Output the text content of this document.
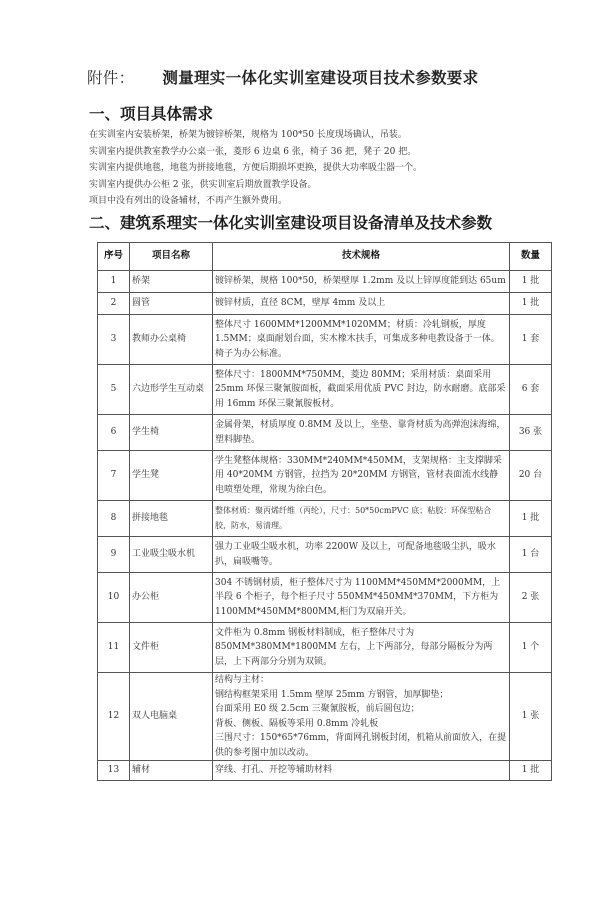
附件： 测量理实一体化实训室建设项目技术参数要求
一、项目具体需求
在实训室内安装桥架，桥架为镀锌桥架，规格为 100*50 长度现场确认，吊装。
实训室内提供教室教学办公桌一张，菱形 6 边桌 6 张，椅子 36 把，凳子 20 把。
实训室内提供地毯，地毯为拼接地毯，方便后期损坏更换，提供大功率吸尘器一个。
实训室内提供办公柜 2 张，供实训室后期放置教学设备。
项目中没有列出的设备辅材，不再产生额外费用。
二、建筑系理实一体化实训室建设项目设备清单及技术参数
序号	项目名称	技术规格	数量
1	桥架	镀锌桥架，规格 100*50，桥架壁厚 1.2mm 及以上锌厚度能到达 65um	1 批
2	圆管	镀锌材质，直径 8CM，壁厚 4mm 及以上	1 批
3	教师办公桌椅	整体尺寸 1600MM*1200MM*1020MM；材质：冷轧钢板，厚度 1.5MM；桌面耐划台面，实木橡木扶手，可集成多种电教设备于一体。椅子为办公标准。	1 套
5	六边形学生互动桌	整体尺寸：1800MM*750MM，菱边 80MM；采用材质：桌面采用 25mm 环保三聚氰胺面板，截面采用优质 PVC 封边，防水耐磨。底部采用 16mm 环保三聚氰胺板材。	6 套
6	学生椅	金属骨架，材质厚度 0.8MM 及以上，坐垫、靠背材质为高弹泡沫海绵，塑料脚垫。	36 张
7	学生凳	学生凳整体规格：330MM*240MM*450MM，支架规格：主支撑脚采用 40*20MM 方钢管，拉挡为 20*20MM 方钢管，管材表面流水线静电喷塑处理，常规为徐白色。	20 台
8	拼接地毯	整体材质：聚丙烯纤维（丙纶），尺寸：50*50cmPVC 底；粘胶：环保型粘合胶，防水，易清理。	1 批
9	工业吸尘吸水机	强力工业吸尘吸水机，功率 2200W 及以上，可配备地毯吸尘扒，吸水扒，扁吸嘴等。	1 台
10	办公柜	304 不锈钢材质，柜子整体尺寸为 1100MM*450MM*2000MM，上半段 6 个柜子，每个柜子尺寸 550MM*450MM*370MM，下方柜为 1100MM*450MM*800MM,柜门为双扇开关。	2 张
11	文件柜	文件柜为 0.8mm 钢板材料制成，柜子整体尺寸为 850MM*380MM*1800MM 左右，上下两部分，每部分隔板分为两层，上下两部分分别为双锁。	1 个
12	双人电脑桌	结构与主材：
钢结构框架采用 1.5mm 壁厚 25mm 方钢管，加厚脚垫；
台面采用 E0 级 2.5cm 三聚氰胺板，前后圆包边；
背板、侧板、隔板等采用 0.8mm 冷轧板
三围尺寸：150*65*76mm，背面网孔钢板封闭，机箱从前面放入，在提供的参考图中加以改动。	1 张
13	辅材	穿线、打孔、开挖等辅助材料	1 批
